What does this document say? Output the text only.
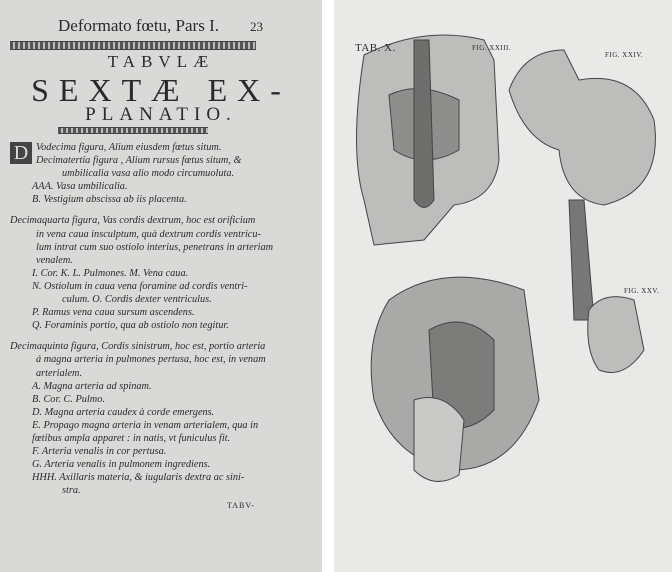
Deformato fœtu, Pars I. 23
TABVLÆ
SEXTÆ EX-
PLANATIO.
D Vodecima figura, Alium eiusdem fœtus situm.
Decimatertia figura , Alium rursus fœtus situm, &
umbilicalia vasa alio modo circumuoluta.
AAA. Vasa umbilicalia.
B. Vestigium abscissa ab iis placenta.
Decimaquarta figura, Vas cordis dextrum, hoc est orificium
in vena caua insculptum, quà dextrum cordis ventricu-
lum intrat cum suo ostiolo interius, penetrans in arteriam
venalem.
I. Cor. K. L. Pulmones. M. Vena caua.
N. Ostiolum in caua vena foramine ad cordis ventri-
culum. O. Cordis dexter ventriculus.
P. Ramus vena caua sursum ascendens.
Q. Foraminis portio, qua ab ostiolo non tegitur.
Decimaquinta figura, Cordis sinistrum, hoc est, portio arteria
á magna arteria in pulmones pertusa, hoc est, in venam
arterialem.
A. Magna arteria ad spinam.
B. Cor. C. Pulmo.
D. Magna arteria caudex à corde emergens.
E. Propago magna arteria in venam arterialem, qua in
fœtibus ampla apparet : in natis, vt funiculus fit.
F. Arteria venalis in cor pertusa.
G. Arteria venalis in pulmonem ingrediens.
HHH. Axillaris materia, & iugularis dextra ac sini-
stra.
TABV-
TAB. X.	FIG. XXIII.
FIG. XXIV.
FIG. XXV.
